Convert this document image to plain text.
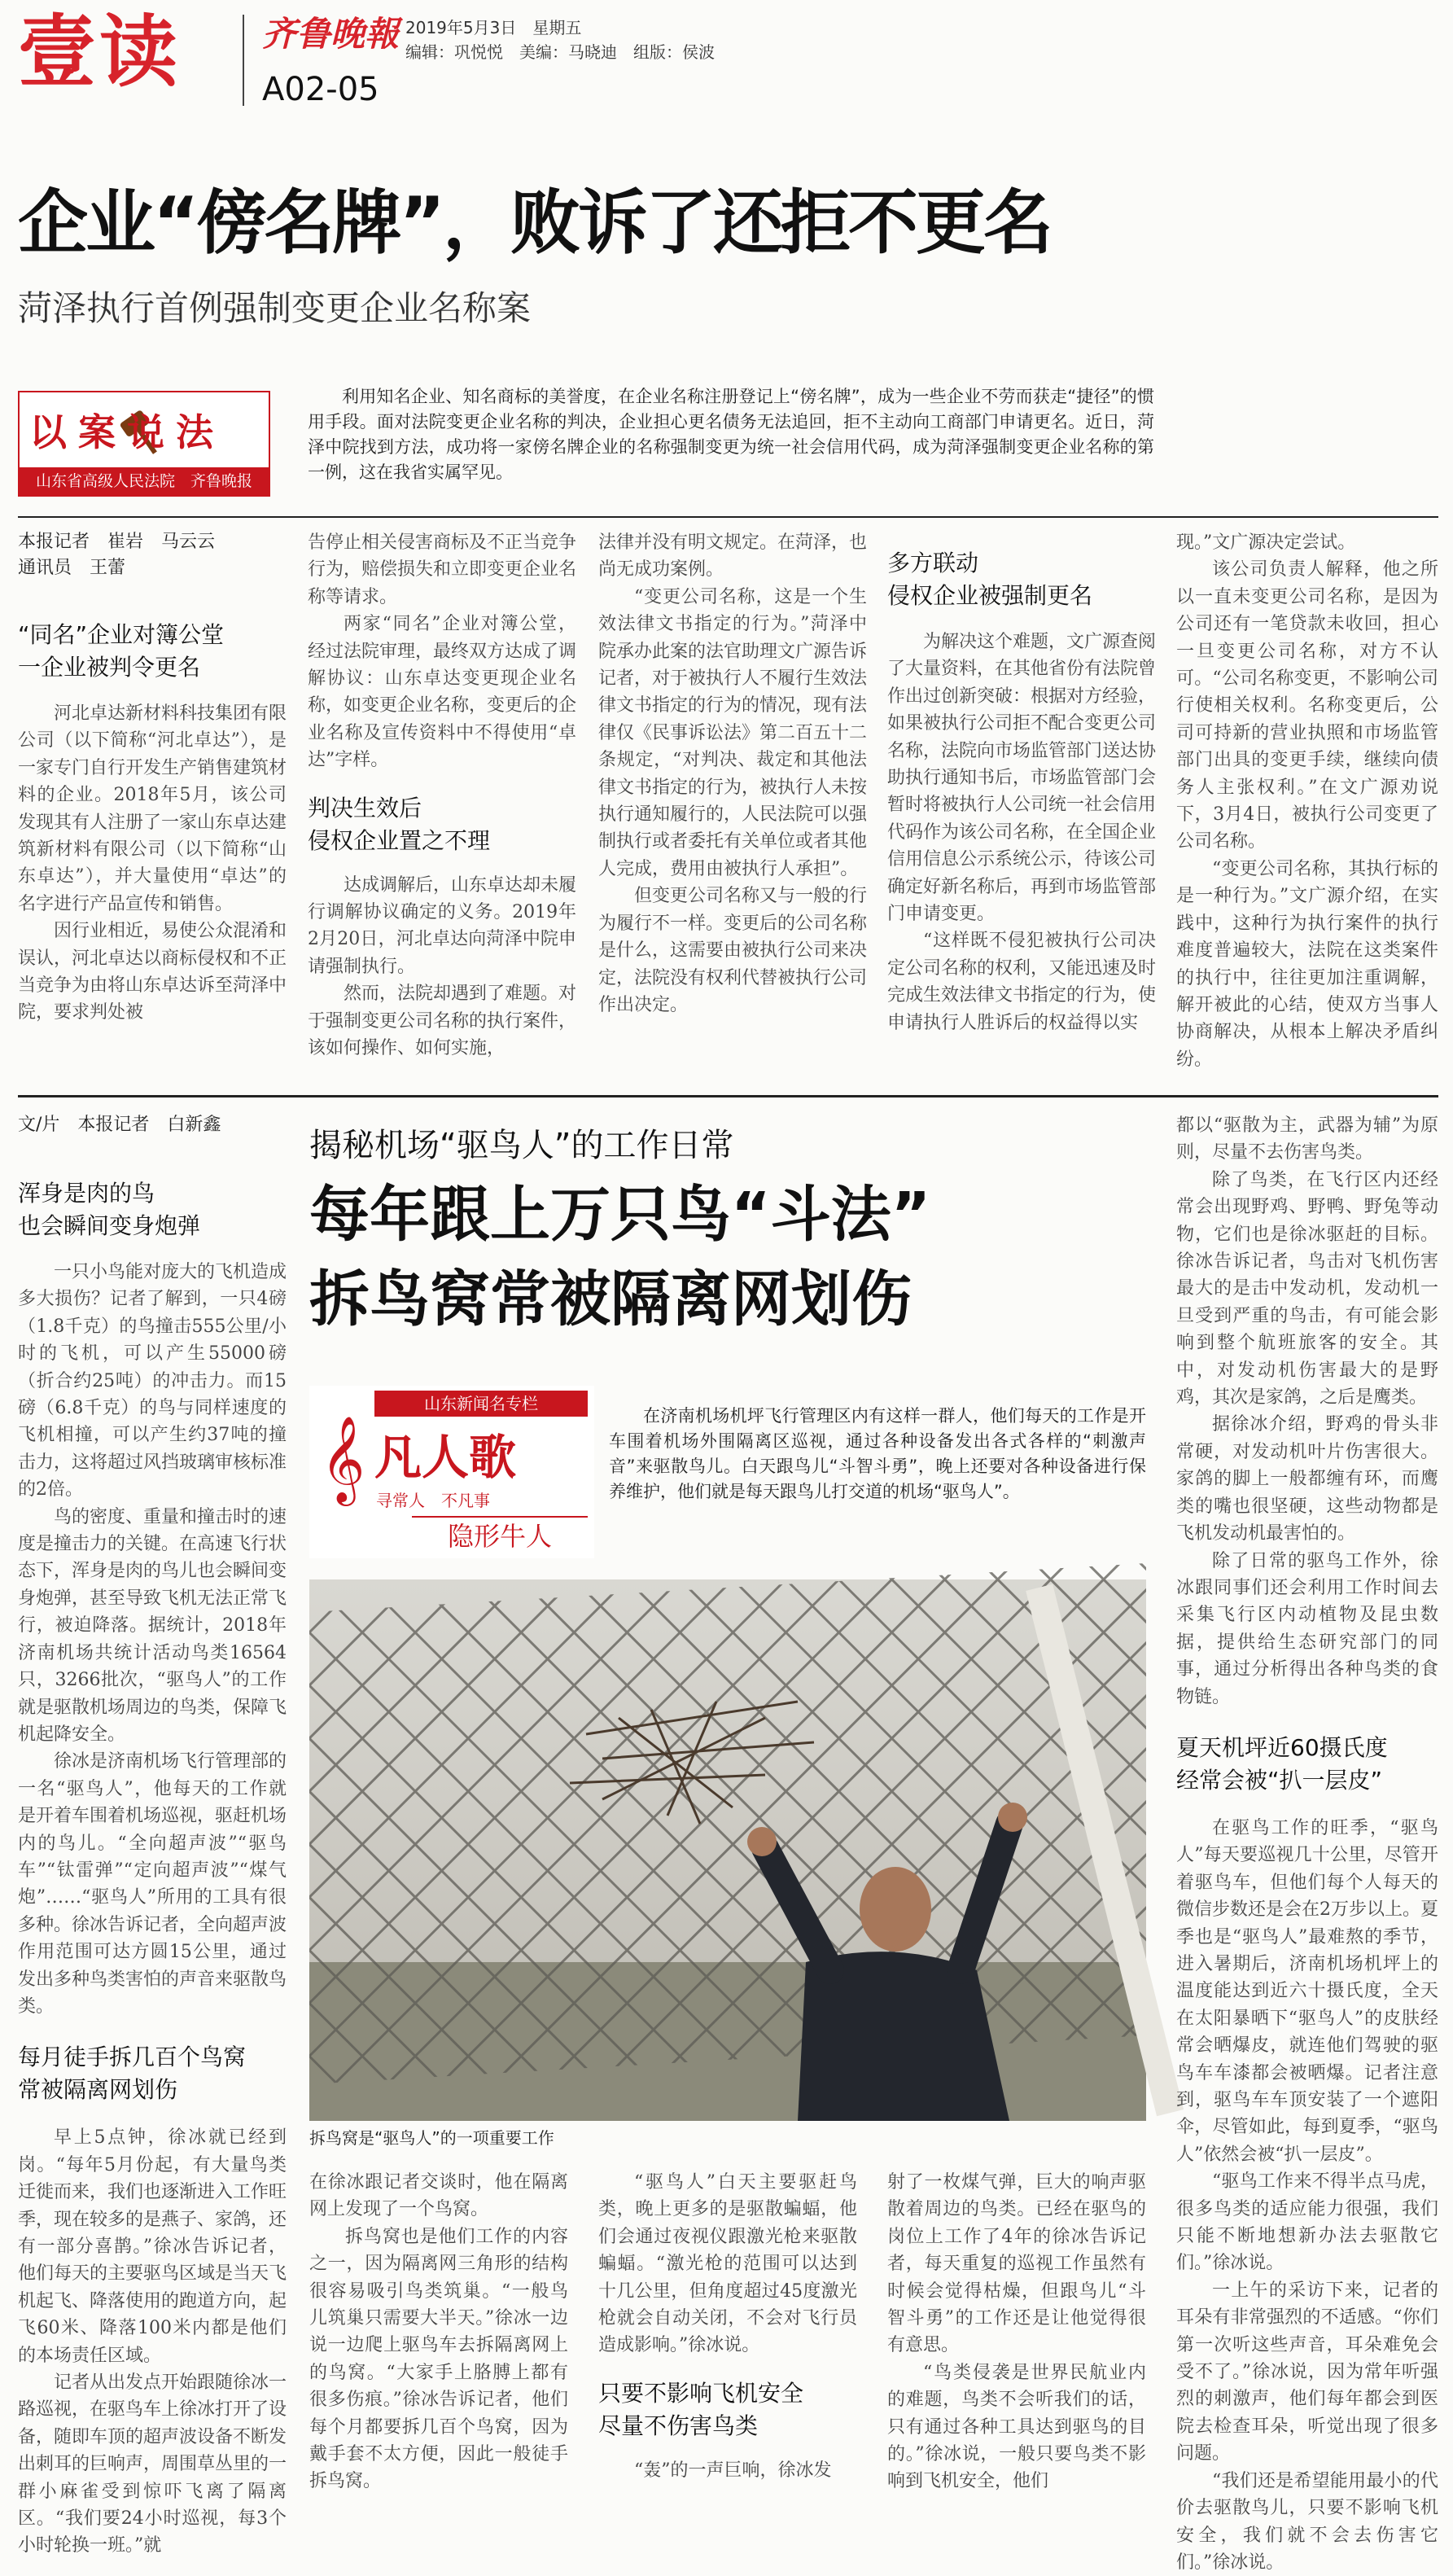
壹读 齐鲁晚報 2019年5月3日　星期五
编辑：巩悦悦　美编：马晓迪　组版：侯波
A02-05
企业“傍名牌”，败诉了还拒不更名
菏泽执行首例强制变更企业名称案
以案说法
山东省高级人民法院　齐鲁晚报
利用知名企业、知名商标的美誉度，在企业名称注册登记上“傍名牌”，成为一些企业不劳而获走“捷径”的惯用手段。面对法院变更企业名称的判决，企业担心更名债务无法追回，拒不主动向工商部门申请更名。近日，菏泽中院找到方法，成功将一家傍名牌企业的名称强制变更为统一社会信用代码，成为菏泽强制变更企业名称的第一例，这在我省实属罕见。
本报记者　崔岩　马云云
通讯员　王蕾
“同名”企业对簿公堂
一企业被判令更名

河北卓达新材料科技集团有限公司（以下简称“河北卓达”），是一家专门自行开发生产销售建筑材料的企业。2018年5月，该公司发现其有人注册了一家山东卓达建筑新材料有限公司（以下简称“山东卓达”），并大量使用“卓达”的名字进行产品宣传和销售。

因行业相近，易使公众混淆和误认，河北卓达以商标侵权和不正当竞争为由将山东卓达诉至菏泽中院，要求判处被

告停止相关侵害商标及不正当竞争行为，赔偿损失和立即变更企业名称等请求。

两家“同名”企业对簿公堂，经过法院审理，最终双方达成了调解协议：山东卓达变更现企业名称，如变更企业名称，变更后的企业名称及宣传资料中不得使用“卓达”字样。

判决生效后
侵权企业置之不理

达成调解后，山东卓达却未履行调解协议确定的义务。2019年2月20日，河北卓达向菏泽中院申请强制执行。

然而，法院却遇到了难题。对于强制变更公司名称的执行案件，该如何操作、如何实施，

法律并没有明文规定。在菏泽，也尚无成功案例。

“变更公司名称，这是一个生效法律文书指定的行为。”菏泽中院承办此案的法官助理文广源告诉记者，对于被执行人不履行生效法律文书指定的行为的情况，现有法律仅《民事诉讼法》第二百五十二条规定，“对判决、裁定和其他法律文书指定的行为，被执行人未按执行通知履行的，人民法院可以强制执行或者委托有关单位或者其他人完成，费用由被执行人承担”。

但变更公司名称又与一般的行为履行不一样。变更后的公司名称是什么，这需要由被执行公司来决定，法院没有权利代替被执行公司作出决定。

多方联动
侵权企业被强制更名

为解决这个难题，文广源查阅了大量资料，在其他省份有法院曾作出过创新突破：根据对方经验，如果被执行公司拒不配合变更公司名称，法院向市场监管部门送达协助执行通知书后，市场监管部门会暂时将被执行人公司统一社会信用代码作为该公司名称，在全国企业信用信息公示系统公示，待该公司确定好新名称后，再到市场监管部门申请变更。

“这样既不侵犯被执行公司决定公司名称的权利，又能迅速及时完成生效法律文书指定的行为，使申请执行人胜诉后的权益得以实

现。”文广源决定尝试。

该公司负责人解释，他之所以一直未变更公司名称，是因为公司还有一笔贷款未收回，担心一旦变更公司名称，对方不认可。“公司名称变更，不影响公司行使相关权利。名称变更后，公司可持新的营业执照和市场监管部门出具的变更手续，继续向债务人主张权利。”在文广源劝说下，3月4日，被执行公司变更了公司名称。

“变更公司名称，其执行标的是一种行为。”文广源介绍，在实践中，这种行为执行案件的执行难度普遍较大，法院在这类案件的执行中，往往更加注重调解，解开被此的心结，使双方当事人协商解决，从根本上解决矛盾纠纷。

文/片　本报记者　白新鑫
浑身是肉的鸟
也会瞬间变身炮弹

一只小鸟能对庞大的飞机造成多大损伤？记者了解到，一只4磅（1.8千克）的鸟撞击555公里/小时的飞机，可以产生55000磅（折合约25吨）的冲击力。而15磅（6.8千克）的鸟与同样速度的飞机相撞，可以产生约37吨的撞击力，这将超过风挡玻璃审核标准的2倍。

鸟的密度、重量和撞击时的速度是撞击力的关键。在高速飞行状态下，浑身是肉的鸟儿也会瞬间变身炮弹，甚至导致飞机无法正常飞行，被迫降落。据统计，2018年济南机场共统计活动鸟类16564只，3266批次，“驱鸟人”的工作就是驱散机场周边的鸟类，保障飞机起降安全。

徐冰是济南机场飞行管理部的一名“驱鸟人”，他每天的工作就是开着车围着机场巡视，驱赶机场内的鸟儿。“全向超声波”“驱鸟车”“钛雷弹”“定向超声波”“煤气炮”……“驱鸟人”所用的工具有很多种。徐冰告诉记者，全向超声波作用范围可达方圆15公里，通过发出多种鸟类害怕的声音来驱散鸟类。

每月徒手拆几百个鸟窝
常被隔离网划伤

早上5点钟，徐冰就已经到岗。“每年5月份起，有大量鸟类迁徙而来，我们也逐渐进入工作旺季，现在较多的是燕子、家鸽，还有一部分喜鹊。”徐冰告诉记者，他们每天的主要驱鸟区域是当天飞机起飞、降落使用的跑道方向，起飞60米、降落100米内都是他们的本场责任区域。

记者从出发点开始跟随徐冰一路巡视，在驱鸟车上徐冰打开了设备，随即车顶的超声波设备不断发出刺耳的巨响声，周围草丛里的一群小麻雀受到惊吓飞离了隔离区。“我们要24小时巡视，每3个小时轮换一班。”就

揭秘机场“驱鸟人”的工作日常
每年跟上万只鸟“斗法”
拆鸟窝常被隔离网划伤
山东新闻名专栏
𝄞 凡人歌
寻常人　不凡事
隐形牛人
在济南机场机坪飞行管理区内有这样一群人，他们每天的工作是开车围着机场外围隔离区巡视，通过各种设备发出各式各样的“刺激声音”来驱散鸟儿。白天跟鸟儿“斗智斗勇”，晚上还要对各种设备进行保养维护，他们就是每天跟鸟儿打交道的机场“驱鸟人”。
拆鸟窝是“驱鸟人”的一项重要工作

在徐冰跟记者交谈时，他在隔离网上发现了一个鸟窝。

拆鸟窝也是他们工作的内容之一，因为隔离网三角形的结构很容易吸引鸟类筑巢。“一般鸟儿筑巢只需要大半天。”徐冰一边说一边爬上驱鸟车去拆隔离网上的鸟窝。“大家手上胳膊上都有很多伤痕。”徐冰告诉记者，他们每个月都要拆几百个鸟窝，因为戴手套不太方便，因此一般徒手拆鸟窝。

“驱鸟人”白天主要驱赶鸟类，晚上更多的是驱散蝙蝠，他们会通过夜视仪跟激光枪来驱散蝙蝠。“激光枪的范围可以达到十几公里，但角度超过45度激光枪就会自动关闭，不会对飞行员造成影响。”徐冰说。

只要不影响飞机安全
尽量不伤害鸟类

“轰”的一声巨响，徐冰发

射了一枚煤气弹，巨大的响声驱散着周边的鸟类。已经在驱鸟的岗位上工作了4年的徐冰告诉记者，每天重复的巡视工作虽然有时候会觉得枯燥，但跟鸟儿“斗智斗勇”的工作还是让他觉得很有意思。

“鸟类侵袭是世界民航业内的难题，鸟类不会听我们的话，只有通过各种工具达到驱鸟的目的。”徐冰说，一般只要鸟类不影响到飞机安全，他们

都以“驱散为主，武器为辅”为原则，尽量不去伤害鸟类。

除了鸟类，在飞行区内还经常会出现野鸡、野鸭、野兔等动物，它们也是徐冰驱赶的目标。徐冰告诉记者，鸟击对飞机伤害最大的是击中发动机，发动机一旦受到严重的鸟击，有可能会影响到整个航班旅客的安全。其中，对发动机伤害最大的是野鸡，其次是家鸽，之后是鹰类。

据徐冰介绍，野鸡的骨头非常硬，对发动机叶片伤害很大。家鸽的脚上一般都缠有环，而鹰类的嘴也很坚硬，这些动物都是飞机发动机最害怕的。

除了日常的驱鸟工作外，徐冰跟同事们还会利用工作时间去采集飞行区内动植物及昆虫数据，提供给生态研究部门的同事，通过分析得出各种鸟类的食物链。

夏天机坪近60摄氏度
经常会被“扒一层皮”

在驱鸟工作的旺季，“驱鸟人”每天要巡视几十公里，尽管开着驱鸟车，但他们每个人每天的微信步数还是会在2万步以上。夏季也是“驱鸟人”最难熬的季节，进入暑期后，济南机场机坪上的温度能达到近六十摄氏度，全天在太阳暴晒下“驱鸟人”的皮肤经常会晒爆皮，就连他们驾驶的驱鸟车车漆都会被晒爆。记者注意到，驱鸟车车顶安装了一个遮阳伞，尽管如此，每到夏季，“驱鸟人”依然会被“扒一层皮”。

“驱鸟工作来不得半点马虎，很多鸟类的适应能力很强，我们只能不断地想新办法去驱散它们。”徐冰说。

一上午的采访下来，记者的耳朵有非常强烈的不适感。“你们第一次听这些声音，耳朵难免会受不了。”徐冰说，因为常年听强烈的刺激声，他们每年都会到医院去检查耳朵，听觉出现了很多问题。

“我们还是希望能用最小的代价去驱散鸟儿，只要不影响飞机安全，我们就不会去伤害它们。”徐冰说。
